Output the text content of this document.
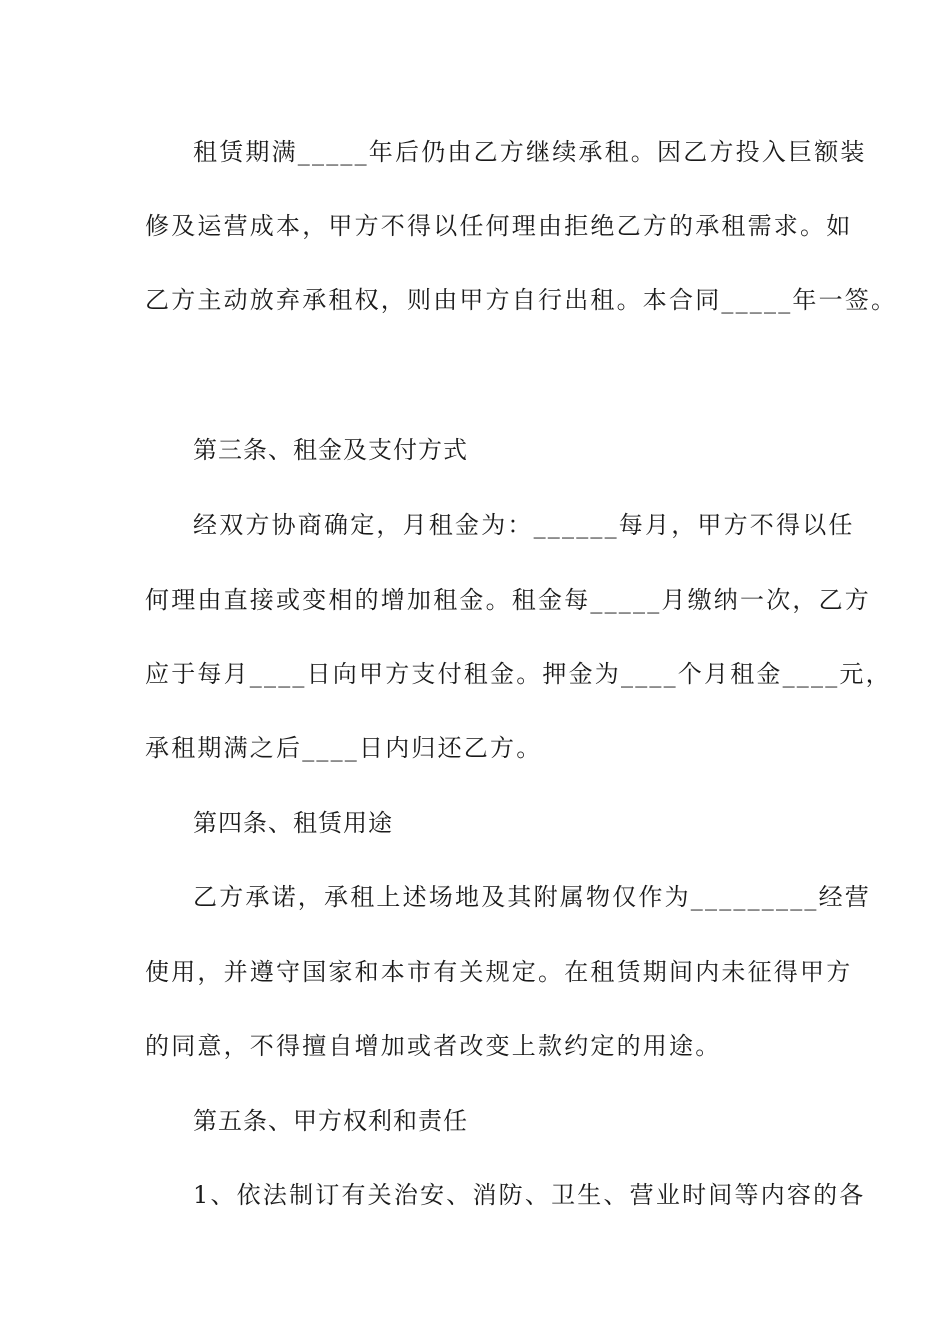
租赁期满_____年后仍由乙方继续承租。因乙方投入巨额装
修及运营成本，甲方不得以任何理由拒绝乙方的承租需求。如
乙方主动放弃承租权，则由甲方自行出租。本合同_____年一签。
第三条、租金及支付方式
经双方协商确定，月租金为：______每月，甲方不得以任
何理由直接或变相的增加租金。租金每_____月缴纳一次，乙方
应于每月____日向甲方支付租金。押金为____个月租金____元，
承租期满之后____日内归还乙方。
第四条、租赁用途
乙方承诺，承租上述场地及其附属物仅作为_________经营
使用，并遵守国家和本市有关规定。在租赁期间内未征得甲方
的同意，不得擅自增加或者改变上款约定的用途。
第五条、甲方权利和责任
1、依法制订有关治安、消防、卫生、营业时间等内容的各
